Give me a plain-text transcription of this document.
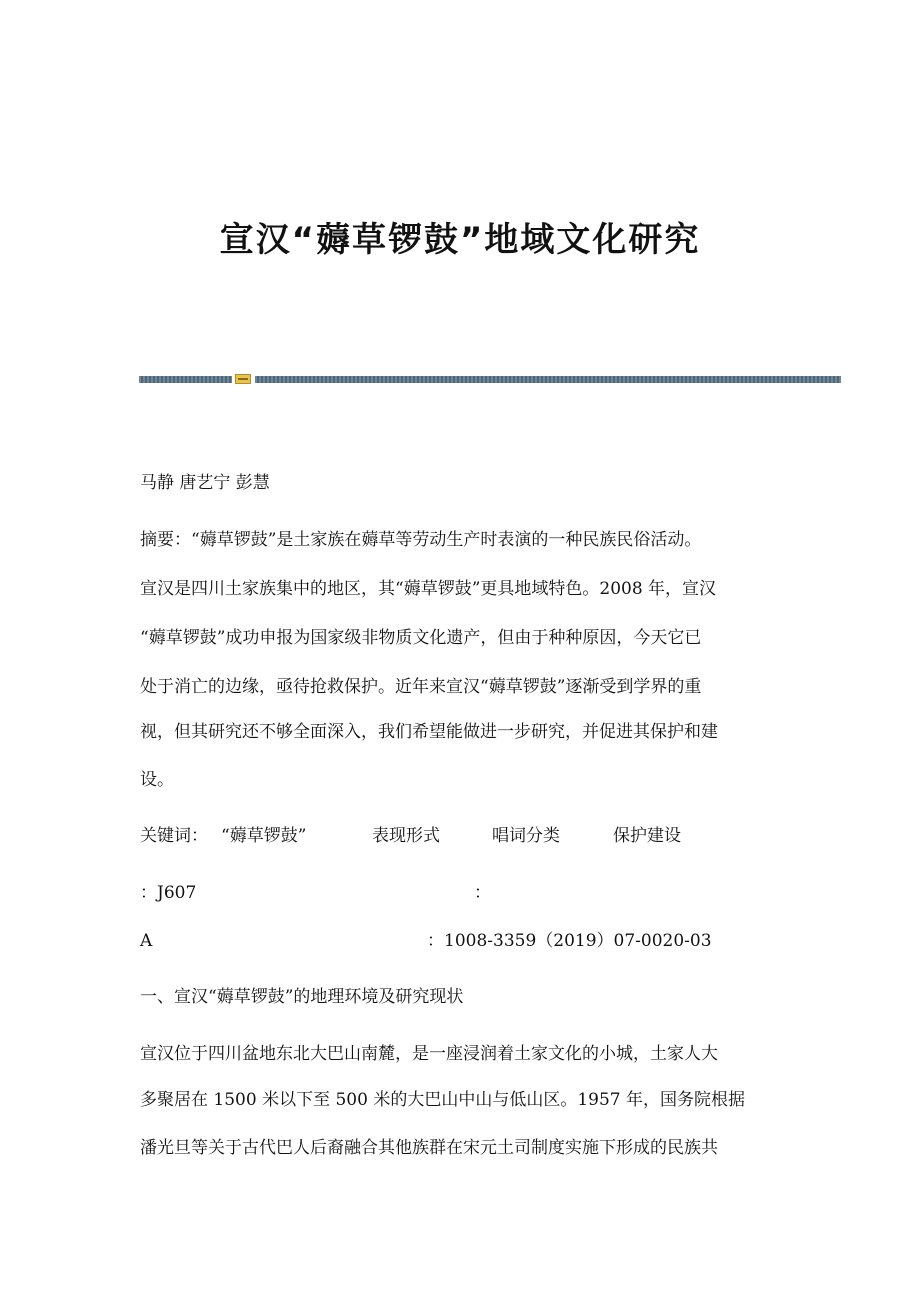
宣汉“薅草锣鼓”地域文化研究
马静 唐艺宁 彭慧
摘要：“薅草锣鼓”是土家族在薅草等劳动生产时表演的一种民族民俗活动。
宣汉是四川土家族集中的地区，其“薅草锣鼓”更具地域特色。2008 年，宣汉
“薅草锣鼓”成功申报为国家级非物质文化遗产，但由于种种原因，今天它已
处于消亡的边缘，亟待抢救保护。近年来宣汉“薅草锣鼓”逐渐受到学界的重
视，但其研究还不够全面深入，我们希望能做进一步研究，并促进其保护和建
设。
关键词： “薅草锣鼓”	表现形式	唱词分类	保护建设
：J607	：
A	：1008-3359（2019）07-0020-03
一、宣汉“薅草锣鼓”的地理环境及研究现状
宣汉位于四川盆地东北大巴山南麓，是一座浸润着土家文化的小城，土家人大
多聚居在 1500 米以下至 500 米的大巴山中山与低山区。1957 年，国务院根据
潘光旦等关于古代巴人后裔融合其他族群在宋元土司制度实施下形成的民族共
